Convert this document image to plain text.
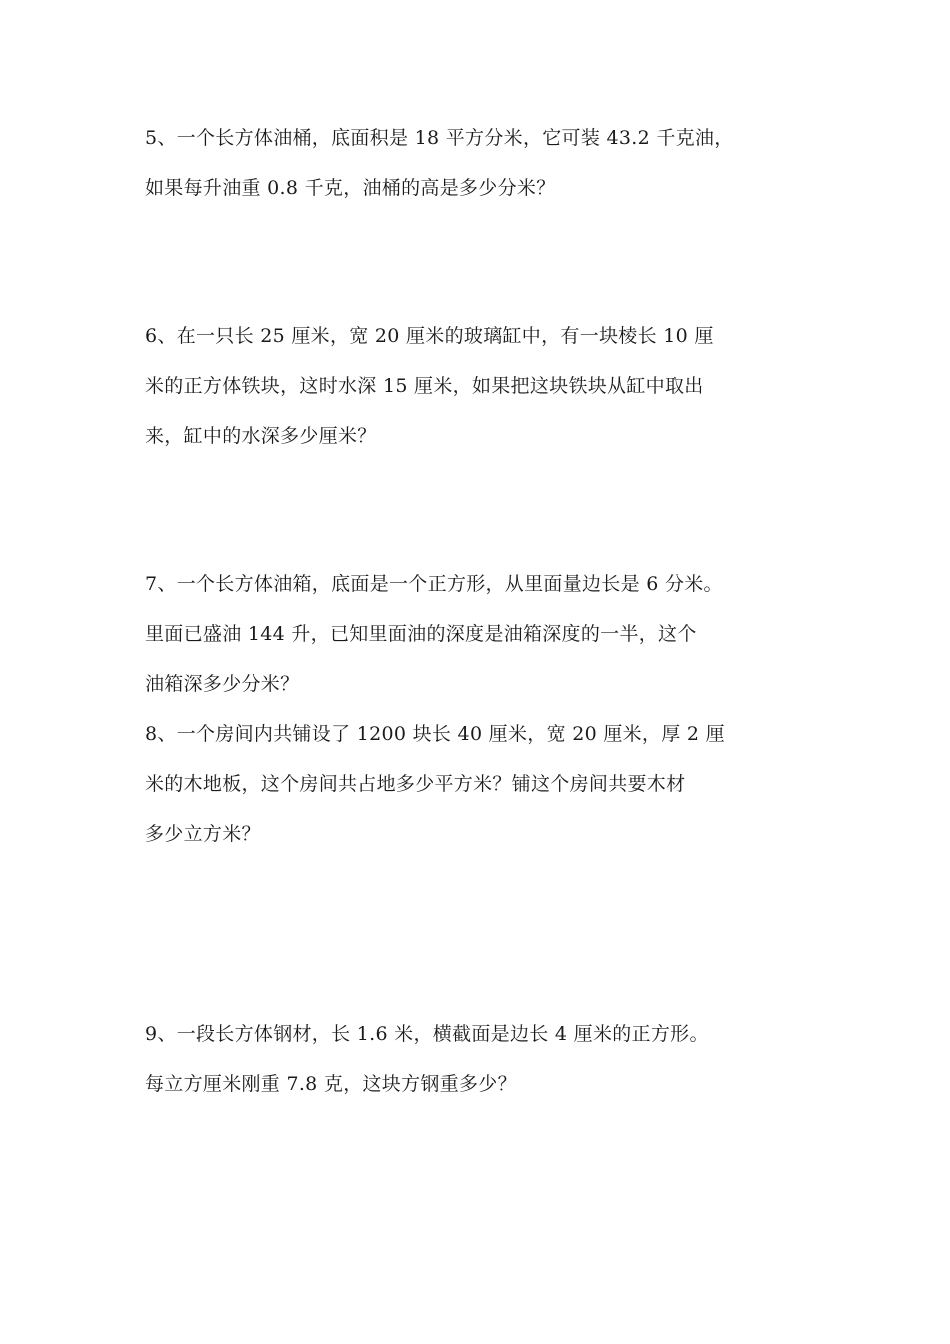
5、一个长方体油桶，底面积是 18 平方分米，它可装 43.2 千克油，
如果每升油重 0.8 千克，油桶的高是多少分米？
6、在一只长 25 厘米，宽 20 厘米的玻璃缸中，有一块棱长 10 厘
米的正方体铁块，这时水深 15 厘米，如果把这块铁块从缸中取出
来，缸中的水深多少厘米？
7、一个长方体油箱，底面是一个正方形，从里面量边长是 6 分米。
里面已盛油 144 升，已知里面油的深度是油箱深度的一半，这个
油箱深多少分米？
8、一个房间内共铺设了 1200 块长 40 厘米，宽 20 厘米，厚 2 厘
米的木地板，这个房间共占地多少平方米？铺这个房间共要木材
多少立方米？
9、一段长方体钢材，长 1.6 米，横截面是边长 4 厘米的正方形。
每立方厘米刚重 7.8 克，这块方钢重多少？
